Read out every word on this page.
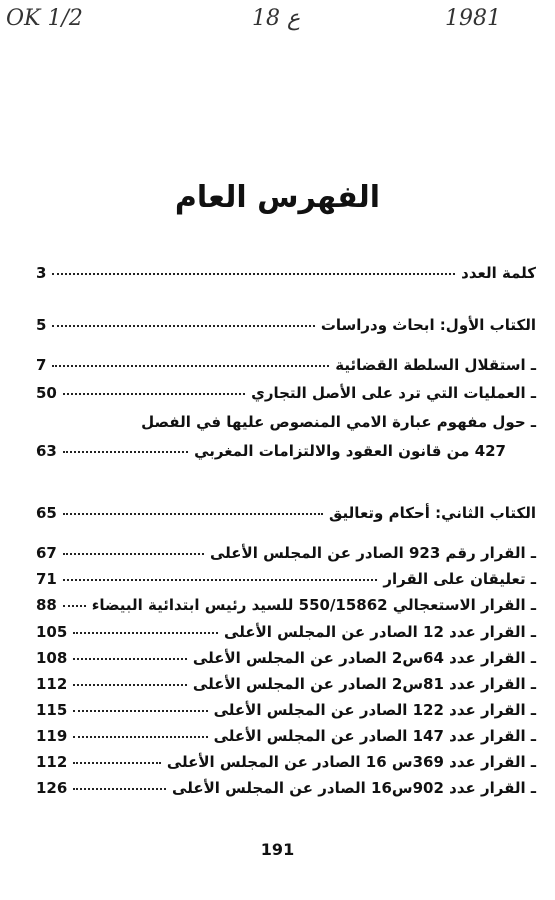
OK 1/2	18 ع	1981
الفهرس العام
كلمة العدد
3
الكتاب الأول: ابحاث ودراسات
5
ـ استقلال السلطة القضائية
7
ـ العمليات التي ترد على الأصل التجاري
50
ـ حول مفهوم عبارة الامي المنصوص عليها في الفصل
427 من قانون العقود والالتزامات المغربي
63
الكتاب الثاني: أحكام وتعاليق
65
ـ القرار رقم 923 الصادر عن المجلس الأعلى
67
ـ تعليقان على القرار
71
ـ القرار الاستعجالي 550/15862 للسيد رئيس ابتدائية البيضاء
88
ـ القرار عدد 12 الصادر عن المجلس الأعلى
105
ـ القرار عدد 64س2 الصادر عن المجلس الأعلى
108
ـ القرار عدد 81س2 الصادر عن المجلس الأعلى
112
ـ القرار عدد 122 الصادر عن المجلس الأعلى
115
ـ القرار عدد 147 الصادر عن المجلس الأعلى
119
ـ القرار عدد 369س 16 الصادر عن المجلس الأعلى
112
ـ القرار عدد 902س16 الصادر عن المجلس الأعلى
126
191
